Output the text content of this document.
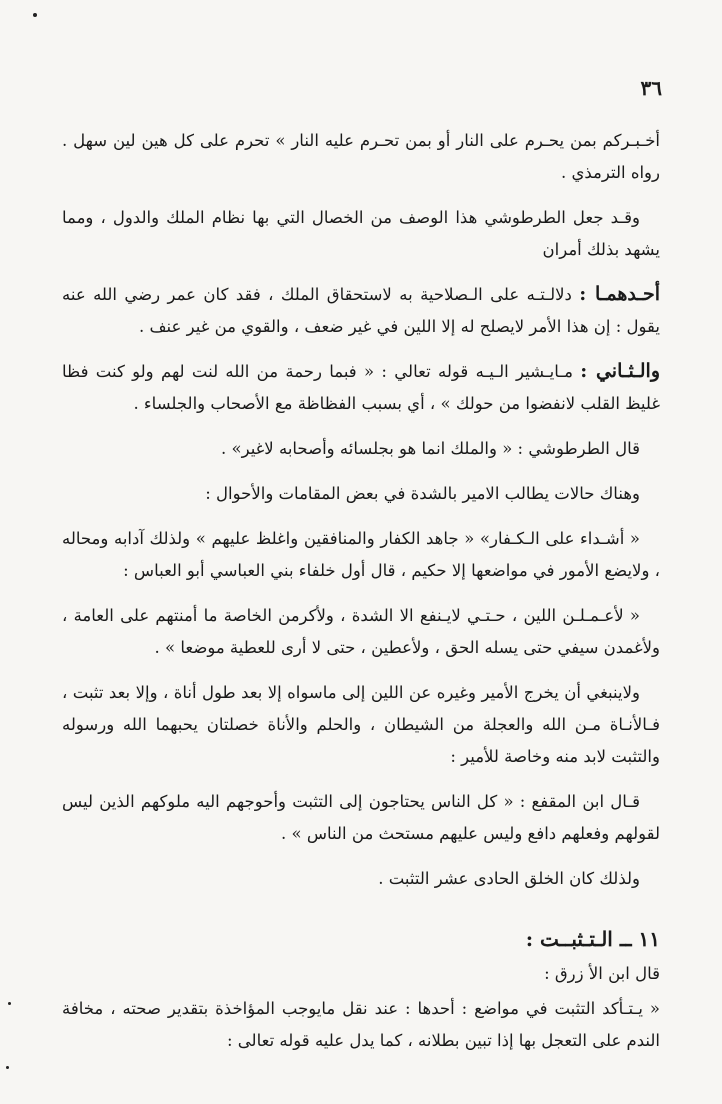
٣٦

أخـبـركم بمن يحـرم على النار أو بمن تحـرم عليه النار » تحرم على كل هين لين سهل . رواه الترمذي .

وقـد جعل الطرطوشي هذا الوصف من الخصال التي بها نظام الملك والدول ، ومما يشهد بذلك أمران

أحـدهمـا : دلالـتـه على الـصلاحية به لاستحقاق الملك ، فقد كان عمر رضي الله عنه يقول : إن هذا الأمر لايصلح له إلا اللين في غير ضعف ، والقوي من غير عنف .

والـثـاني : مـايـشير الـيـه قوله تعالي : « فبما رحمة من الله لنت لهم ولو كنت فظا غليظ القلب لانفضوا من حولك » ، أي بسبب الفظاظة مع الأصحاب والجلساء .

قال الطرطوشي : « والملك انما هو بجلسائه وأصحابه لاغير» .

وهناك حالات يطالب الامير بالشدة في بعض المقامات والأحوال :

« أشـداء على الـكـفار» « جاهد الكفار والمنافقين واغلظ عليهم » ولذلك آدابه ومحاله ، ولايضع الأمور في مواضعها إلا حكيم ، قال أول خلفاء بني العباسي أبو العباس :

« لأعـمـلـن اللين ، حـتـي لايـنفع الا الشدة ، ولأكرمن الخاصة ما أمنتهم على العامة ، ولأغمدن سيفي حتى يسله الحق ، ولأعطين ، حتى لا أرى للعطية موضعا » .

ولاينبغي أن يخرج الأمير وغيره عن اللين إلى ماسواه إلا بعد طول أناة ، وإلا بعد تثبت ، فـالأنـاة مـن الله والعجلة من الشيطان ، والحلم والأناة خصلتان يحبهما الله ورسوله والتثبت لابد منه وخاصة للأمير :

قـال ابن المقفع : « كل الناس يحتاجون إلى التثبت وأحوجهم اليه ملوكهم الذين ليس لقولهم وفعلهم دافع وليس عليهم مستحث من الناس » .

ولذلك كان الخلق الحادى عشر التثبت .

١١ ــ الـتـثبــت :

قال ابن الأ زرق :

« يـتـأكد التثبت في مواضع : أحدها : عند نقل مايوجب المؤاخذة بتقدير صحته ، مخافة الندم على التعجل بها إذا تبين بطلانه ، كما يدل عليه قوله تعالى :
